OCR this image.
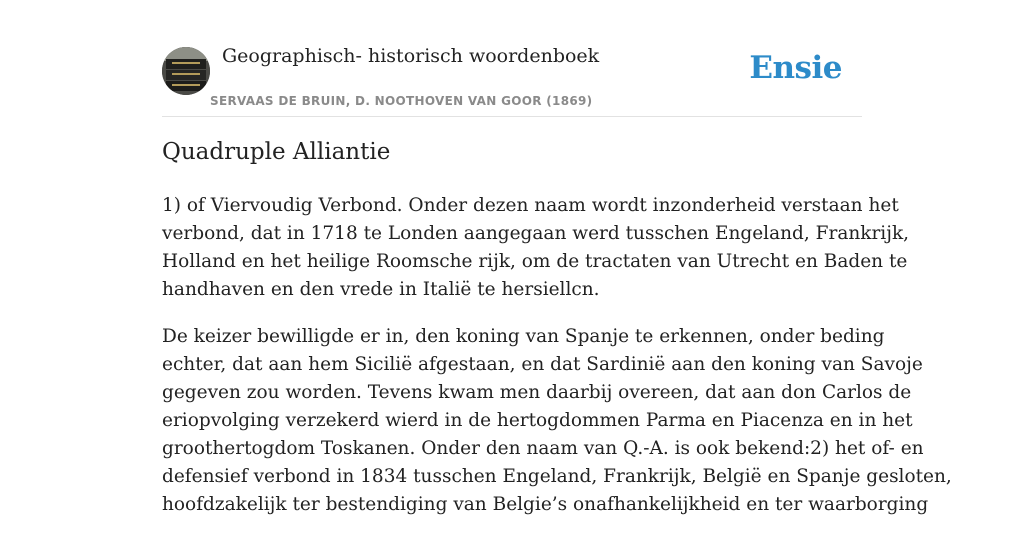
Geographisch- historisch woordenboek
SERVAAS DE BRUIN, D. NOOTHOVEN VAN GOOR (1869)
Ensie
Quadruple Alliantie

1) of Viervoudig Verbond. Onder dezen naam wordt inzonderheid verstaan het
verbond, dat in 1718 te Londen aangegaan werd tusschen Engeland, Frankrijk,
Holland en het heilige Roomsche rijk, om de tractaten van Utrecht en Baden te
handhaven en den vrede in Italië te hersiellcn.

De keizer bewilligde er in, den koning van Spanje te erkennen, onder beding
echter, dat aan hem Sicilië afgestaan, en dat Sardinië aan den koning van Savoje
gegeven zou worden. Tevens kwam men daarbij overeen, dat aan don Carlos de
eriopvolging verzekerd wierd in de hertogdommen Parma en Piacenza en in het
groothertogdom Toskanen. Onder den naam van Q.-A. is ook bekend:2) het of- en
defensief verbond in 1834 tusschen Engeland, Frankrijk, België en Spanje gesloten,
hoofdzakelijk ter bestendiging van Belgie’s onafhankelijkheid en ter waarborging
